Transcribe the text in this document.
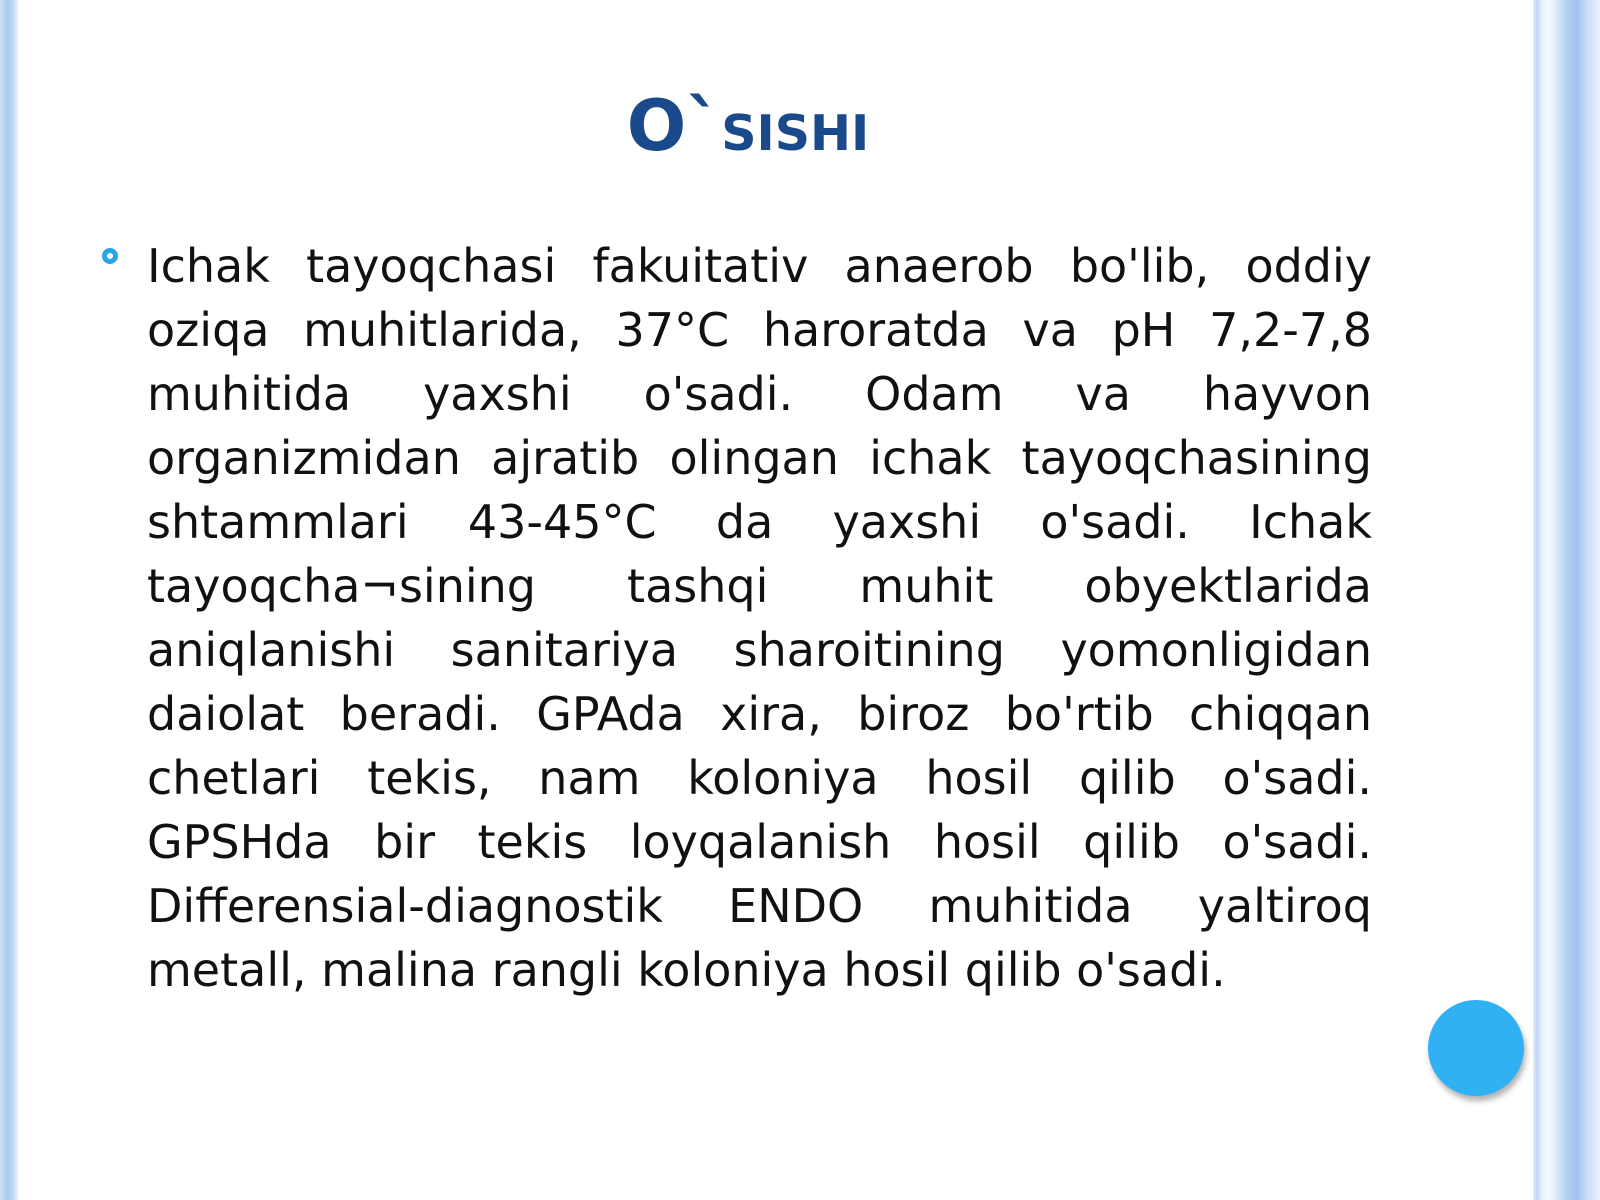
O`sishi

Ichak tayoqchasi fakuitativ anaerob bo'lib, oddiy oziqa muhitlarida, 37°C haroratda va pH 7,2-7,8 muhitida yaxshi o'sadi. Odam va hayvon organizmidan ajratib olingan ichak tayoqchasining shtammlari 43-45°C da yaxshi o'sadi. Ichak tayoqcha¬sining tashqi muhit obyektlarida aniqlanishi sanitariya sharoitining yomonligidan daiolat beradi. GPAda xira, biroz bo'rtib chiqqan chetlari tekis, nam koloniya hosil qilib o'sadi. GPSHda bir tekis loyqalanish hosil qilib o'sadi. Differensial-diagnostik ENDO muhitida yaltiroq metall, malina rangli koloniya hosil qilib o'sadi.
